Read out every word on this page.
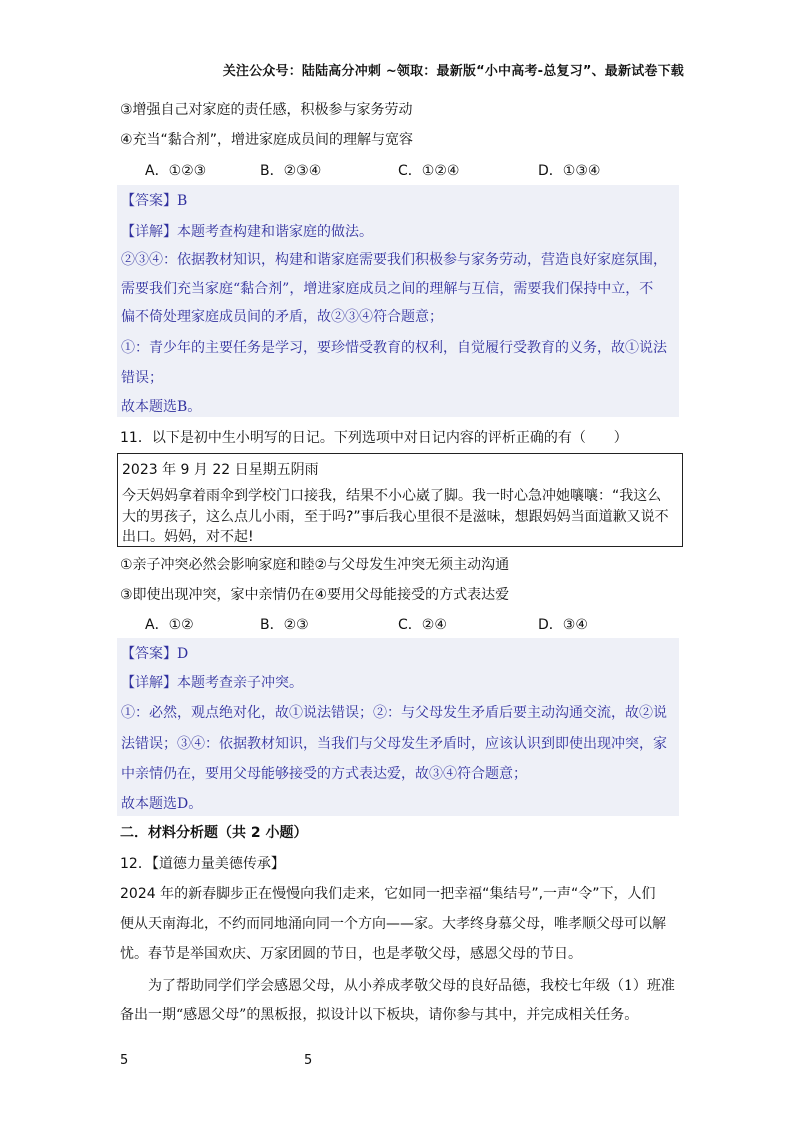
关注公众号：陆陆高分冲刺 ~领取：最新版“小中高考-总复习”、最新试卷下载
③增强自己对家庭的责任感，积极参与家务劳动
④充当“黏合剂”，增进家庭成员间的理解与宽容
A．①②③	B．②③④	C．①②④	D．①③④
【答案】B
【详解】本题考查构建和谐家庭的做法。
②③④：依据教材知识，构建和谐家庭需要我们积极参与家务劳动，营造良好家庭氛围，
需要我们充当家庭“黏合剂”，增进家庭成员之间的理解与互信，需要我们保持中立，不
偏不倚处理家庭成员间的矛盾，故②③④符合题意；
①：青少年的主要任务是学习，要珍惜受教育的权利，自觉履行受教育的义务，故①说法
错误；
故本题选B。
11．以下是初中生小明写的日记。下列选项中对日记内容的评析正确的有（　　）
2023 年 9 月 22 日星期五阴雨
今天妈妈拿着雨伞到学校门口接我，结果不小心崴了脚。我一时心急冲她嚷嚷：“我这么
大的男孩子，这么点儿小雨，至于吗?”事后我心里很不是滋味，想跟妈妈当面道歉又说不
出口。妈妈，对不起!
①亲子冲突必然会影响家庭和睦②与父母发生冲突无须主动沟通
③即使出现冲突，家中亲情仍在④要用父母能接受的方式表达爱
A．①②	B．②③	C．②④	D．③④
【答案】D
【详解】本题考查亲子冲突。
①：必然，观点绝对化，故①说法错误；②：与父母发生矛盾后要主动沟通交流，故②说
法错误；③④：依据教材知识，当我们与父母发生矛盾时，应该认识到即使出现冲突，家
中亲情仍在，要用父母能够接受的方式表达爱，故③④符合题意；
故本题选D。
二．材料分析题（共 2 小题）
12．【道德力量美德传承】
2024 年的新春脚步正在慢慢向我们走来，它如同一把幸福“集结号”,一声“令”下，人们
便从天南海北，不约而同地涌向同一个方向——家。大孝终身慕父母，唯孝顺父母可以解
忧。春节是举国欢庆、万家团圆的节日，也是孝敬父母，感恩父母的节日。
为了帮助同学们学会感恩父母，从小养成孝敬父母的良好品德，我校七年级（1）班准
备出一期“感恩父母”的黑板报，拟设计以下板块，请你参与其中，并完成相关任务。
5	5
